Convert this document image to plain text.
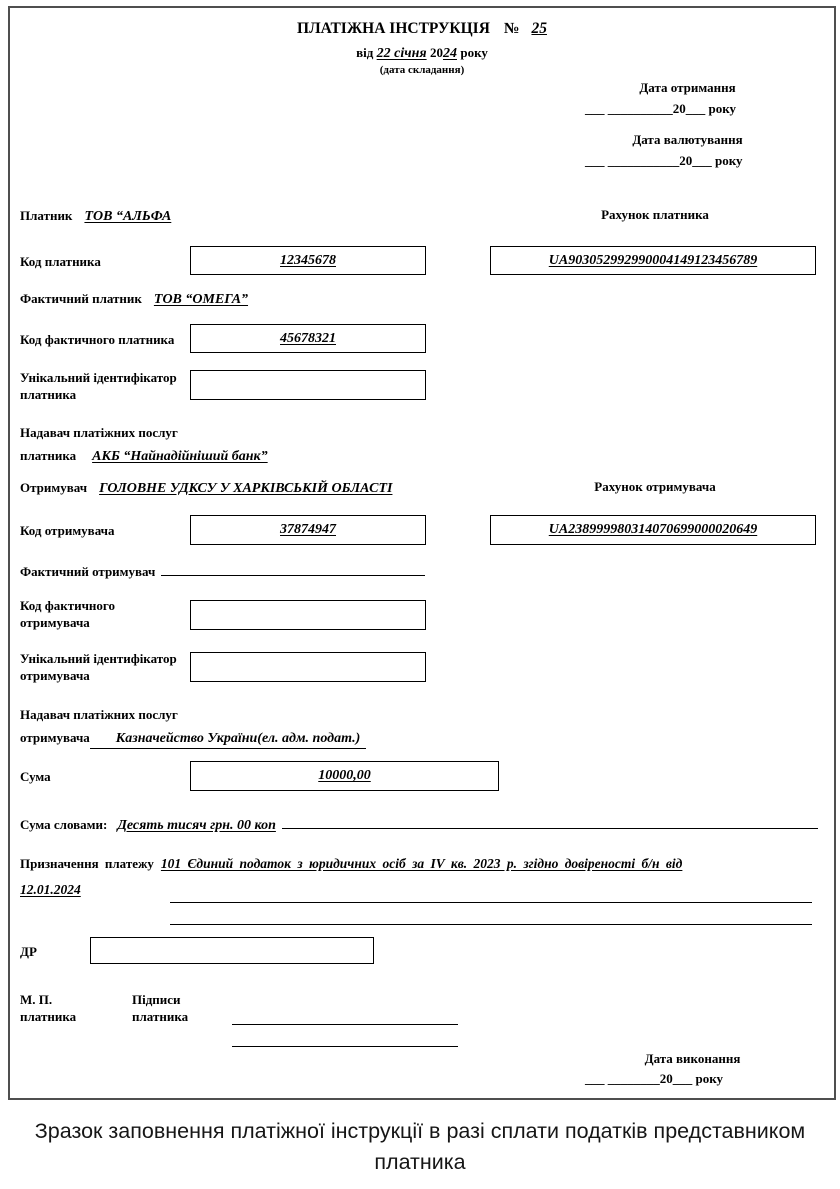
ПЛАТІЖНА ІНСТРУКЦІЯ № 25
від 22 січня 2024 року
(дата складання)
Дата отримання
___ __________20___ року
Дата валютування
___ ___________20___ року
Платник ТОВ “АЛЬФА	Рахунок платника
Код платника	12345678	UA903052992990004149123456789
Фактичний платник ТОВ “ОМЕГА”
Код фактичного платника	45678321
Унікальний ідентифікатор
платника
Надавач платіжних послуг
платника АКБ “Найнадійніший банк”
Отримувач ГОЛОВНЕ УДКСУ У ХАРКІВСЬКІЙ ОБЛАСТІ	Рахунок отримувача
Код отримувача	37874947	UA238999980314070699000020649
Фактичний отримувач
Код фактичного
отримувача
Унікальний ідентифікатор
отримувача
Надавач платіжних послуг
отримувача	Казначейство України(ел. адм. подат.)
Сума	10000,00
Сума словами: Десять тисяч грн. 00 коп
Призначення платежу 101 Єдиний податок з юридичних осіб за IV кв. 2023 р. згідно довіреності б/н від
12.01.2024
ДР
М. П.
платника
Підписи
платника
Дата виконання
___ ________20___ року
Зразок заповнення платіжної інструкції в разі сплати податків представником платника
